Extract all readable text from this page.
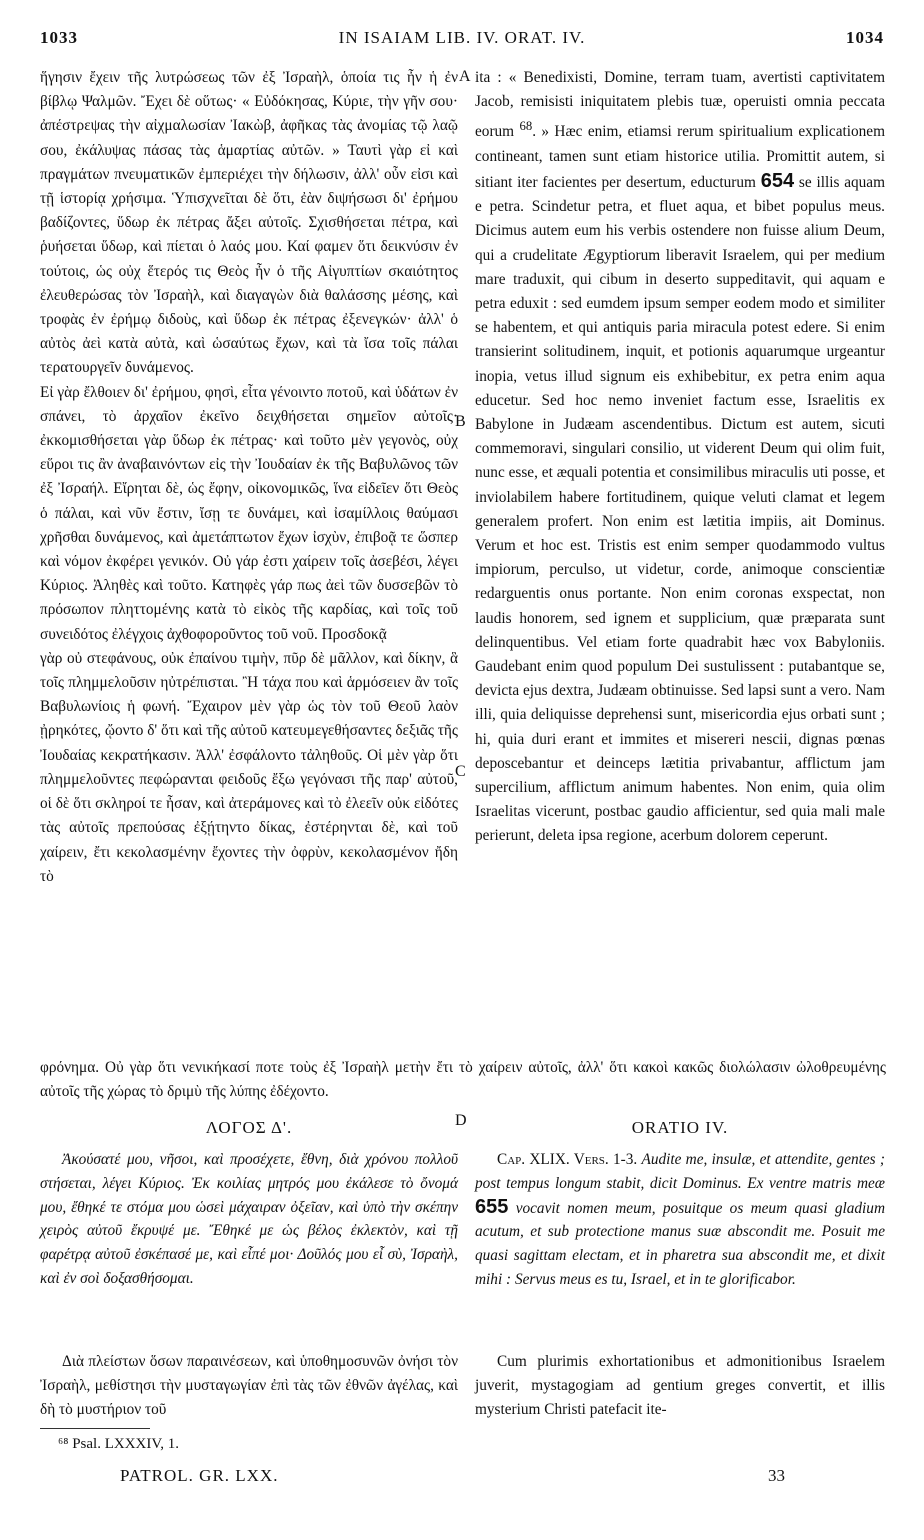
1033	IN ISAIAM LIB. IV. ORAT. IV.	1034

ἥγησιν ἔχειν τῆς λυτρώσεως τῶν ἐξ Ἰσραὴλ, ὁποία τις ἦν ἡ ἐν βίβλῳ Ψαλμῶν. Ἔχει δὲ οὕτως· « Εὐδόκησας, Κύριε, τὴν γῆν σου· ἀπέστρεψας τὴν αἰχμαλωσίαν Ἰακὼβ, ἀφῆκας τὰς ἀνομίας τῷ λαῷ σου, ἐκάλυψας πάσας τὰς ἁμαρτίας αὐτῶν. » Ταυτὶ γὰρ εἰ καὶ πραγμάτων πνευματικῶν ἐμπεριέχει τὴν δήλωσιν, ἀλλ' οὖν εἰσι καὶ τῇ ἱστορίᾳ χρήσιμα. Ὑπισχνεῖται δὲ ὅτι, ἐὰν διψήσωσι δι' ἐρήμου βαδίζοντες, ὕδωρ ἐκ πέτρας ἄξει αὐτοῖς. Σχισθήσεται πέτρα, καὶ ῥυήσεται ὕδωρ, καὶ πίεται ὁ λαός μου. Καί φαμεν ὅτι δεικνύσιν ἐν τούτοις, ὡς οὐχ ἕτερός τις Θεὸς ἦν ὁ τῆς Αἰγυπτίων σκαιότητος ἐλευθερώσας τὸν Ἰσραὴλ, καὶ διαγαγὼν διὰ θαλάσσης μέσης, καὶ τροφὰς ἐν ἐρήμῳ διδοὺς, καὶ ὕδωρ ἐκ πέτρας ἐξενεγκών· ἀλλ' ὁ αὐτὸς ἀεὶ κατὰ αὐτὰ, καὶ ὡσαύτως ἔχων, καὶ τὰ ἴσα τοῖς πάλαι τερατουργεῖν δυνάμενος.

Εἰ γὰρ ἔλθοιεν δι' ἐρήμου, φησὶ, εἶτα γένοιντο ποτοῦ, καὶ ὑδάτων ἐν σπάνει, τὸ ἀρχαῖον ἐκεῖνο δειχθήσεται σημεῖον αὐτοῖς· ἐκκομισθήσεται γὰρ ὕδωρ ἐκ πέτρας· καὶ τοῦτο μὲν γεγονὸς, οὐχ εὕροι τις ἂν ἀναβαινόντων εἰς τὴν Ἰουδαίαν ἐκ τῆς Βαβυλῶνος τῶν ἐξ Ἰσραήλ. Εἴρηται δὲ, ὡς ἔφην, οἰκονομικῶς, ἵνα εἰδεῖεν ὅτι Θεὸς ὁ πάλαι, καὶ νῦν ἔστιν, ἴσῃ τε δυνάμει, καὶ ἰσαμίλλοις θαύμασι χρῆσθαι δυνάμενος, καὶ ἀμετάπτωτον ἔχων ἰσχὺν, ἐπιβοᾷ τε ὥσπερ καὶ νόμον ἐκφέρει γενικόν. Οὐ γάρ ἐστι χαίρειν τοῖς ἀσεβέσι, λέγει Κύριος. Ἀληθὲς καὶ τοῦτο. Κατηφὲς γάρ πως ἀεὶ τῶν δυσσεβῶν τὸ πρόσωπον πληττομένης κατὰ τὸ εἰκὸς τῆς καρδίας, καὶ τοῖς τοῦ συνειδότος ἐλέγχοις ἀχθοφοροῦντος τοῦ νοῦ. Προσδοκᾷ

γὰρ οὐ στεφάνους, οὐκ ἐπαίνου τιμὴν, πῦρ δὲ μᾶλλον, καὶ δίκην, ἃ τοῖς πλημμελοῦσιν ηὐτρέπισται. Ἢ τάχα που καὶ ἁρμόσειεν ἂν τοῖς Βαβυλωνίοις ἡ φωνή. Ἔχαιρον μὲν γὰρ ὡς τὸν τοῦ Θεοῦ λαὸν ᾐρηκότες, ᾤοντο δ' ὅτι καὶ τῆς αὐτοῦ κατευμεγεθήσαντες δεξιᾶς τῆς Ἰουδαίας κεκρατήκασιν. Ἀλλ' ἐσφάλοντο τἀληθοῦς. Οἱ μὲν γὰρ ὅτι πλημμελοῦντες πεφώρανται φειδοῦς ἔξω γεγόνασι τῆς παρ' αὐτοῦ, οἱ δὲ ὅτι σκληροί τε ἦσαν, καὶ ἀτεράμονες καὶ τὸ ἐλεεῖν οὐκ εἰδότες τὰς αὐτοῖς πρεπούσας ἐξῄτηντο δίκας, ἐστέρηνται δὲ, καὶ τοῦ χαίρειν, ἔτι κεκολασμένην ἔχοντες τὴν ὀφρὺν, κεκολασμένον ἤδη τὸ

A
B
C
D

ita : « Benedixisti, Domine, terram tuam, avertisti captivitatem Jacob, remisisti iniquitatem plebis tuæ, operuisti omnia peccata eorum $^{68}$. » Hæc enim, etiamsi rerum spiritualium explicationem contineant, tamen sunt etiam historice utilia. Promittit autem, si sitiant iter facientes per desertum, educturum 654 se illis aquam e petra. Scindetur petra, et fluet aqua, et bibet populus meus. Dicimus autem eum his verbis ostendere non fuisse alium Deum, qui a crudelitate Ægyptiorum liberavit Israelem, qui per medium mare traduxit, qui cibum in deserto suppeditavit, qui aquam e petra eduxit : sed eumdem ipsum semper eodem modo et similiter se habentem, et qui antiquis paria miracula potest edere. Si enim transierint solitudinem, inquit, et potionis aquarumque urgeantur inopia, vetus illud signum eis exhibebitur, ex petra enim aqua educetur. Sed hoc nemo inveniet factum esse, Israelitis ex Babylone in Judæam ascendentibus. Dictum est autem, sicuti commemoravi, singulari consilio, ut viderent Deum qui olim fuit, nunc esse, et æquali potentia et consimilibus miraculis uti posse, et inviolabilem habere fortitudinem, quique veluti clamat et legem generalem profert. Non enim est lætitia impiis, ait Dominus. Verum et hoc est. Tristis est enim semper quodammodo vultus impiorum, perculso, ut videtur, corde, animoque conscientiæ redarguentis onus portante. Non enim coronas exspectat, non laudis honorem, sed ignem et supplicium, quæ præparata sunt delinquentibus. Vel etiam forte quadrabit hæc vox Babyloniis. Gaudebant enim quod populum Dei sustulissent : putabantque se, devicta ejus dextra, Judæam obtinuisse. Sed lapsi sunt a vero. Nam illi, quia deliquisse deprehensi sunt, misericordia ejus orbati sunt ; hi, quia duri erant et immites et misereri nescii, dignas pœnas deposcebantur et deinceps lætitia privabantur, afflictum jam supercilium, afflictum animum habentes. Non enim, quia olim Israelitas vicerunt, postbac gaudio afficientur, sed quia mali male perierunt, deleta ipsa regione, acerbum dolorem ceperunt.

φρόνημα. Οὐ γὰρ ὅτι νενικήκασί ποτε τοὺς ἐξ Ἰσραὴλ μετὴν ἔτι τὸ χαίρειν αὐτοῖς, ἀλλ' ὅτι κακοὶ κακῶς διολώλασιν ὠλοθρευμένης αὐτοῖς τῆς χώρας τὸ δριμὺ τῆς λύπης ἐδέχοντο.
ΛΟΓΟΣ Δ'.	ORATIO IV.

Ἀκούσατέ μου, νῆσοι, καὶ προσέχετε, ἔθνη, διὰ χρόνου πολλοῦ στήσεται, λέγει Κύριος. Ἐκ κοιλίας μητρός μου ἐκάλεσε τὸ ὄνομά μου, ἔθηκέ τε στόμα μου ὡσεὶ μάχαιραν ὀξεῖαν, καὶ ὑπὸ τὴν σκέπην χειρὸς αὐτοῦ ἔκρυψέ με. Ἔθηκέ με ὡς βέλος ἐκλεκτὸν, καὶ τῇ φαρέτρᾳ αὐτοῦ ἐσκέπασέ με, καὶ εἶπέ μοι· Δοῦλός μου εἶ σὺ, Ἰσραὴλ, καὶ ἐν σοὶ δοξασθήσομαι.

Cap. XLIX. Vers. 1-3. Audite me, insulæ, et attendite, gentes ; post tempus longum stabit, dicit Dominus. Ex ventre matris meæ 655 vocavit nomen meum, posuitque os meum quasi gladium acutum, et sub protectione manus suæ abscondit me. Posuit me quasi sagittam electam, et in pharetra sua abscondit me, et dixit mihi : Servus meus es tu, Israel, et in te glorificabor.

Διὰ πλείστων ὅσων παραινέσεων, καὶ ὑποθημοσυνῶν ὀνήσι τὸν Ἰσραὴλ, μεθίστησι τὴν μυσταγωγίαν ἐπὶ τὰς τῶν ἐθνῶν ἀγέλας, καὶ δὴ τὸ μυστήριον τοῦ

Cum plurimis exhortationibus et admonitionibus Israelem juverit, mystagogiam ad gentium greges convertit, et illis mysterium Christi patefacit ite-

⁶⁸ Psal. LXXXIV, 1.
PATROL. GR. LXX.	33
